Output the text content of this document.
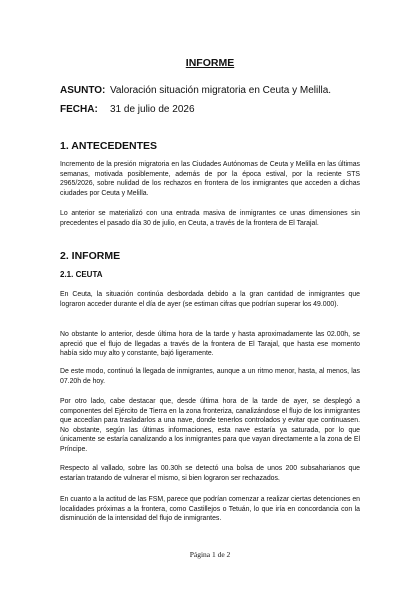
INFORME
ASUNTO: Valoración situación migratoria en Ceuta y Melilla.
FECHA: 31 de julio de 2026
1. ANTECEDENTES

Incremento de la presión migratoria en las Ciudades Autónomas de Ceuta y Melilla en las últimas semanas, motivada posiblemente, además de por la época estival, por la reciente STS 2965/2026, sobre nulidad de los rechazos en frontera de los inmigrantes que acceden a dichas ciudades por Ceuta y Melilla.

Lo anterior se materializó con una entrada masiva de inmigrantes ce unas dimensiones sin precedentes el pasado día 30 de julio, en Ceuta, a través de la frontera de El Tarajal.

2. INFORME
2.1. CEUTA

En Ceuta, la situación continúa desbordada debido a la gran cantidad de inmigrantes que lograron acceder durante el día de ayer (se estiman cifras que podrían superar los 49.000).

No obstante lo anterior, desde última hora de la tarde y hasta aproximadamente las 02.00h, se apreció que el flujo de llegadas a través de la frontera de El Tarajal, que hasta ese momento había sido muy alto y constante, bajó ligeramente.

De este modo, continuó la llegada de inmigrantes, aunque a un ritmo menor, hasta, al menos, las 07.20h de hoy.

Por otro lado, cabe destacar que, desde última hora de la tarde de ayer, se desplegó a componentes del Ejército de Tierra en la zona fronteriza, canalizándose el flujo de los inmigrantes que accedían para trasladarlos a una nave, donde tenerlos controlados y evitar que continuasen. No obstante, según las últimas informaciones, esta nave estaría ya saturada, por lo que únicamente se estaría canalizando a los inmigrantes para que vayan directamente a la zona de El Príncipe.

Respecto al vallado, sobre las 00.30h se detectó una bolsa de unos 200 subsaharianos que estarían tratando de vulnerar el mismo, si bien lograron ser rechazados.

En cuanto a la actitud de las FSM, parece que podrían comenzar a realizar ciertas detenciones en localidades próximas a la frontera, como Castillejos o Tetuán, lo que iría en concordancia con la disminución de la intensidad del flujo de inmigrantes.

Página 1 de 2
